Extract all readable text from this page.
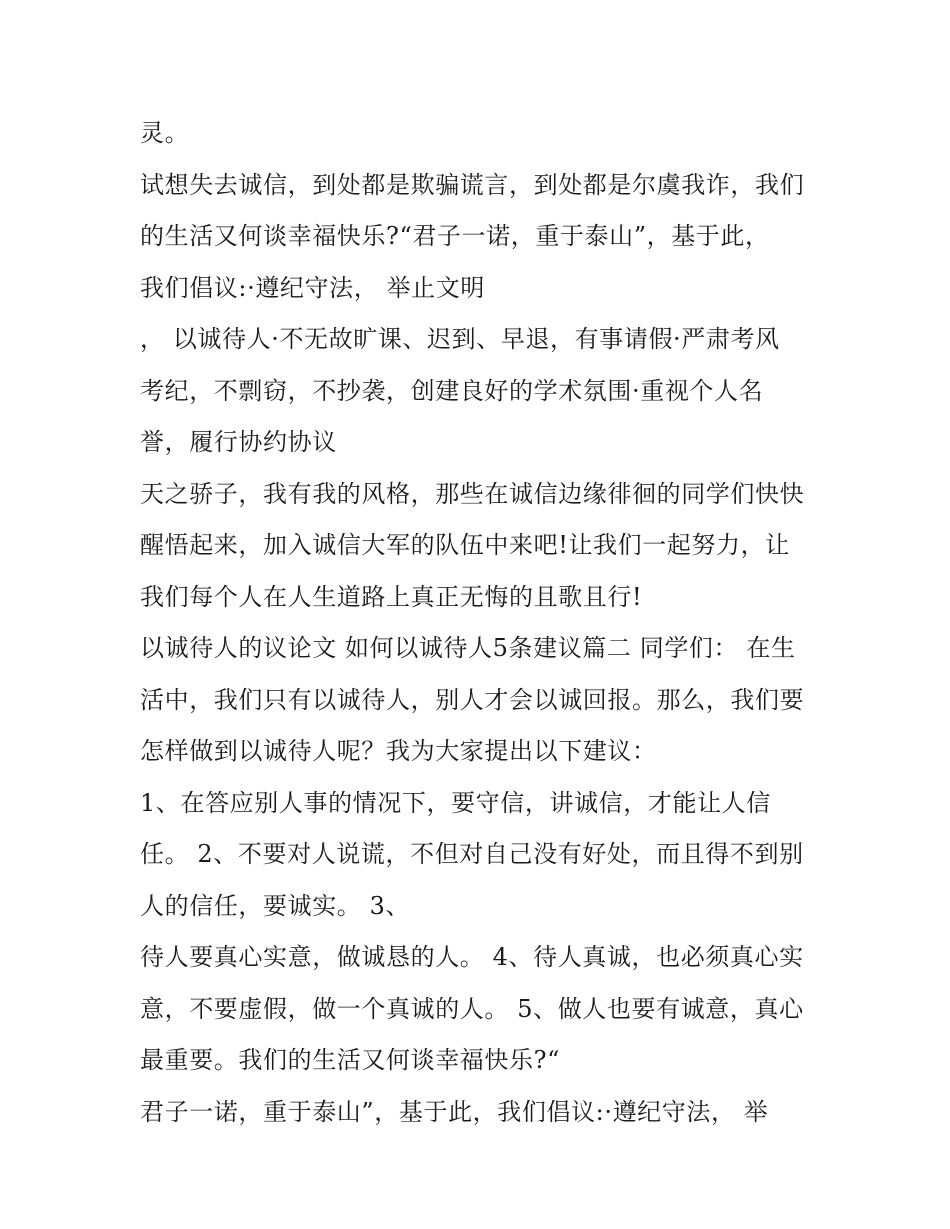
灵。
试想失去诚信，到处都是欺骗谎言，到处都是尔虞我诈，我们
的生活又何谈幸福快乐?“君子一诺，重于泰山”，基于此，
我们倡议:·遵纪守法， 举止文明
， 以诚待人·不无故旷课、迟到、早退，有事请假·严肃考风
考纪，不剽窃，不抄袭，创建良好的学术氛围·重视个人名
誉，履行协约协议
天之骄子，我有我的风格，那些在诚信边缘徘徊的同学们快快
醒悟起来，加入诚信大军的队伍中来吧!让我们一起努力，让
我们每个人在人生道路上真正无悔的且歌且行!
以诚待人的议论文 如何以诚待人5条建议篇二 同学们： 在生
活中，我们只有以诚待人，别人才会以诚回报。那么，我们要
怎样做到以诚待人呢？我为大家提出以下建议：
1、在答应别人事的情况下，要守信，讲诚信，才能让人信
任。 2、不要对人说谎，不但对自己没有好处，而且得不到别
人的信任，要诚实。 3、
待人要真心实意，做诚恳的人。 4、待人真诚，也必须真心实
意，不要虚假，做一个真诚的人。 5、做人也要有诚意，真心
最重要。我们的生活又何谈幸福快乐?“
君子一诺，重于泰山”，基于此，我们倡议:·遵纪守法， 举
